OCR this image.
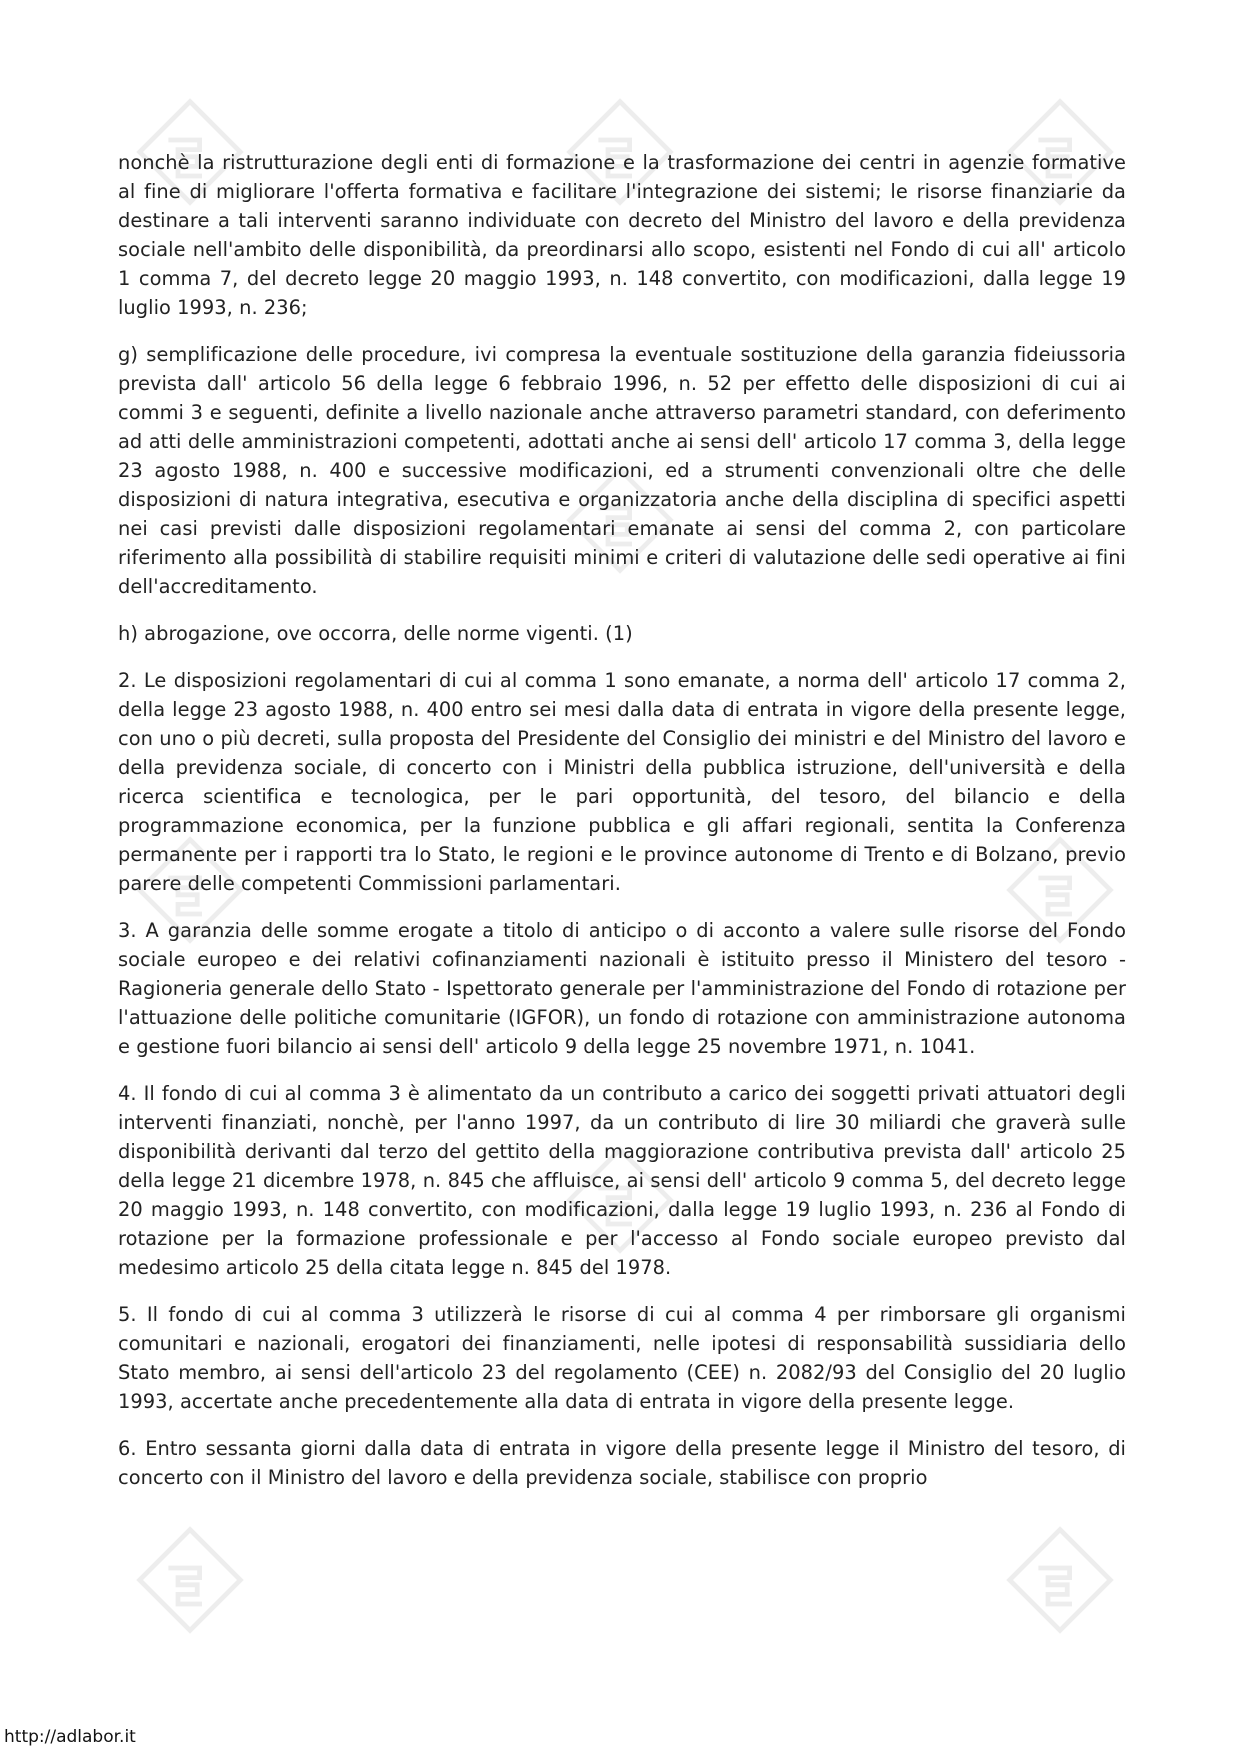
nonchè la ristrutturazione degli enti di formazione e la trasformazione dei centri in agenzie formative al fine di migliorare l'offerta formativa e facilitare l'integrazione dei sistemi; le risorse finanziarie da destinare a tali interventi saranno individuate con decreto del Ministro del lavoro e della previdenza sociale nell'ambito delle disponibilità, da preordinarsi allo scopo, esistenti nel Fondo di cui all' articolo 1 comma 7, del decreto legge 20 maggio 1993, n. 148 convertito, con modificazioni, dalla legge 19 luglio 1993, n. 236;

g) semplificazione delle procedure, ivi compresa la eventuale sostituzione della garanzia fideiussoria prevista dall' articolo 56 della legge 6 febbraio 1996, n. 52 per effetto delle disposizioni di cui ai commi 3 e seguenti, definite a livello nazionale anche attraverso parametri standard, con deferimento ad atti delle amministrazioni competenti, adottati anche ai sensi dell' articolo 17 comma 3, della legge 23 agosto 1988, n. 400 e successive modificazioni, ed a strumenti convenzionali oltre che delle disposizioni di natura integrativa, esecutiva e organizzatoria anche della disciplina di specifici aspetti nei casi previsti dalle disposizioni regolamentari emanate ai sensi del comma 2, con particolare riferimento alla possibilità di stabilire requisiti minimi e criteri di valutazione delle sedi operative ai fini dell'accreditamento.

h) abrogazione, ove occorra, delle norme vigenti. (1)

2. Le disposizioni regolamentari di cui al comma 1 sono emanate, a norma dell' articolo 17 comma 2, della legge 23 agosto 1988, n. 400 entro sei mesi dalla data di entrata in vigore della presente legge, con uno o più decreti, sulla proposta del Presidente del Consiglio dei ministri e del Ministro del lavoro e della previdenza sociale, di concerto con i Ministri della pubblica istruzione, dell'università e della ricerca scientifica e tecnologica, per le pari opportunità, del tesoro, del bilancio e della programmazione economica, per la funzione pubblica e gli affari regionali, sentita la Conferenza permanente per i rapporti tra lo Stato, le regioni e le province autonome di Trento e di Bolzano, previo parere delle competenti Commissioni parlamentari.

3. A garanzia delle somme erogate a titolo di anticipo o di acconto a valere sulle risorse del Fondo sociale europeo e dei relativi cofinanziamenti nazionali è istituito presso il Ministero del tesoro - Ragioneria generale dello Stato - Ispettorato generale per l'amministrazione del Fondo di rotazione per l'attuazione delle politiche comunitarie (IGFOR), un fondo di rotazione con amministrazione autonoma e gestione fuori bilancio ai sensi dell' articolo 9 della legge 25 novembre 1971, n. 1041.

4. Il fondo di cui al comma 3 è alimentato da un contributo a carico dei soggetti privati attuatori degli interventi finanziati, nonchè, per l'anno 1997, da un contributo di lire 30 miliardi che graverà sulle disponibilità derivanti dal terzo del gettito della maggiorazione contributiva prevista dall' articolo 25 della legge 21 dicembre 1978, n. 845 che affluisce, ai sensi dell' articolo 9 comma 5, del decreto legge 20 maggio 1993, n. 148 convertito, con modificazioni, dalla legge 19 luglio 1993, n. 236 al Fondo di rotazione per la formazione professionale e per l'accesso al Fondo sociale europeo previsto dal medesimo articolo 25 della citata legge n. 845 del 1978.

5. Il fondo di cui al comma 3 utilizzerà le risorse di cui al comma 4 per rimborsare gli organismi comunitari e nazionali, erogatori dei finanziamenti, nelle ipotesi di responsabilità sussidiaria dello Stato membro, ai sensi dell'articolo 23 del regolamento (CEE) n. 2082/93 del Consiglio del 20 luglio 1993, accertate anche precedentemente alla data di entrata in vigore della presente legge.

6. Entro sessanta giorni dalla data di entrata in vigore della presente legge il Ministro del tesoro, di concerto con il Ministro del lavoro e della previdenza sociale, stabilisce con proprio

http://adlabor.it
